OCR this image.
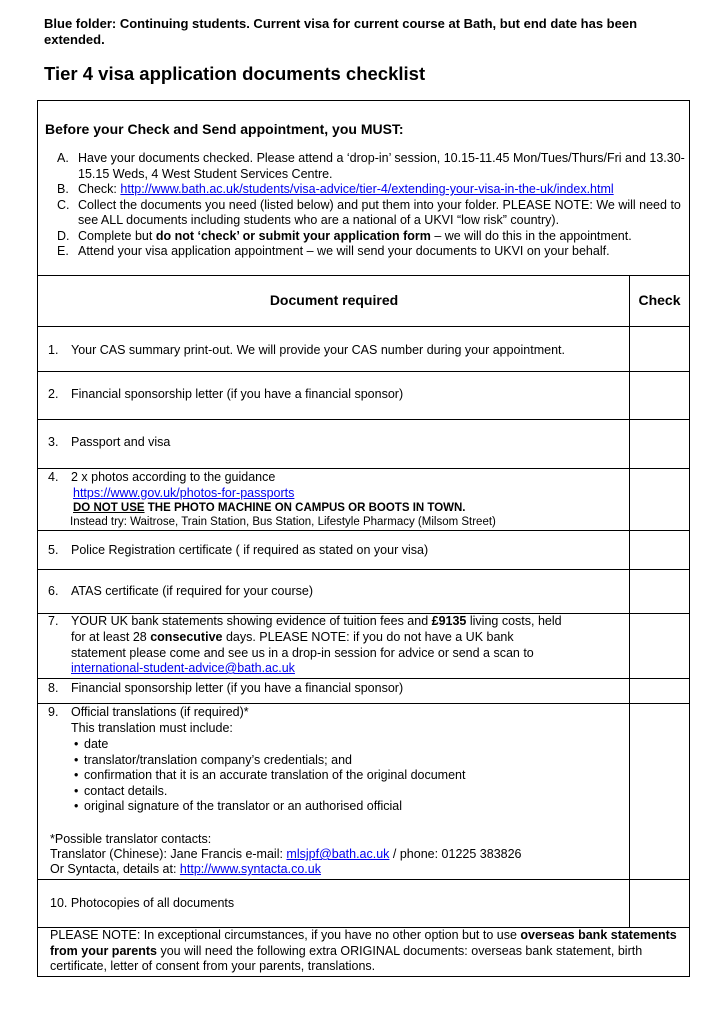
Blue folder: Continuing students. Current visa for current course at Bath, but end date has been extended.
Tier 4 visa application documents checklist
Before your Check and Send appointment, you MUST:
A. Have your documents checked. Please attend a ‘drop-in’ session, 10.15-11.45 Mon/Tues/Thurs/Fri and 13.30-15.15 Weds, 4 West Student Services Centre.
B. Check: http://www.bath.ac.uk/students/visa-advice/tier-4/extending-your-visa-in-the-uk/index.html
C. Collect the documents you need (listed below) and put them into your folder. PLEASE NOTE: We will need to see ALL documents including students who are a national of a UKVI “low risk” country).
D. Complete but do not ‘check’ or submit your application form – we will do this in the appointment.
E. Attend your visa application appointment – we will send your documents to UKVI on your behalf.
Document required	Check
1. Your CAS summary print-out. We will provide your CAS number during your appointment.
2. Financial sponsorship letter (if you have a financial sponsor)
3. Passport and visa
4. 2 x photos according to the guidance
https://www.gov.uk/photos-for-passports
DO NOT USE THE PHOTO MACHINE ON CAMPUS OR BOOTS IN TOWN.
Instead try: Waitrose, Train Station, Bus Station, Lifestyle Pharmacy (Milsom Street)
5. Police Registration certificate ( if required as stated on your visa)
6. ATAS certificate (if required for your course)
7. YOUR UK bank statements showing evidence of tuition fees and £9135 living costs, held
for at least 28 consecutive days. PLEASE NOTE: if you do not have a UK bank
statement please come and see us in a drop-in session for advice or send a scan to
international-student-advice@bath.ac.uk
8. Financial sponsorship letter (if you have a financial sponsor)
9. Official translations (if required)*
This translation must include:
• date
• translator/translation company’s credentials; and
• confirmation that it is an accurate translation of the original document
• contact details.
• original signature of the translator or an authorised official
*Possible translator contacts:
Translator (Chinese): Jane Francis e-mail: mlsjpf@bath.ac.uk / phone: 01225 383826
Or Syntacta, details at: http://www.syntacta.co.uk
10. Photocopies of all documents
PLEASE NOTE: In exceptional circumstances, if you have no other option but to use overseas bank statements from your parents you will need the following extra ORIGINAL documents: overseas bank statement, birth certificate, letter of consent from your parents, translations.
